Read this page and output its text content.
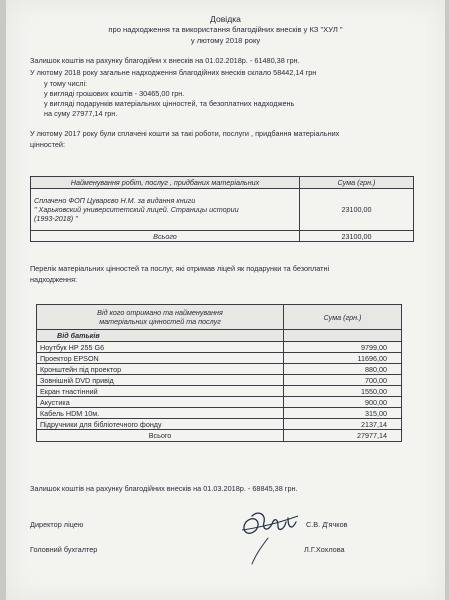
Довідка
про надходження та використання благодійних внесків у КЗ "ХУЛ "
у лютому 2018 року
Залишок коштів на рахунку благодійни х внесків на 01.02.2018р. - 61480,38 грн.
У лютому 2018 року загальне надходження благодійних внесків склало 58442,14 грн
у тому числі:
у вигляді грошових коштів - 30465,00 грн.
у вигляді подарунків матеріальних цінностей, та безоплатних надходжень
на суму 27977,14 грн.
У лютому 2017 року були сплачені кошти за такі роботи, послуги , придбання матеріальних
цінностей:
Найменування робіт, послуг , придбаних матеріальних	Сума (грн.)

Сплачено ФОП Цуварєво Н.М. за видання книги
" Харьковский университетский лицей. Страницы истории
(1993-2018) "	23100,00
Всього	23100,00
Перелік матеріальних цінностей та послуг, які отримав ліцей як подарунки та безоплатні
надходження:
Від кого отримано та найменування
матеріальних цінностей та послуг	Сума (грн.)
Від батьків	
Ноутбук HP 255 G6	9799,00
Проектор EPSON	11696,00
Кронштейн під проектор	880,00
Зовнішній DVD привід	700,00
Екран тнастінний	1550,00
Акустика	900,00
Кабель HDM 10м.	315,00
Підручники для бібліотечного фонду	2137,14
Всього	27977,14
Залишок коштів на рахунку благодійних внесків на 01.03.2018р. - 68845,38 грн.
Директор ліцею	С.В. Д'ячков
Головний бухгалтер	Л.Г.Хохлова
